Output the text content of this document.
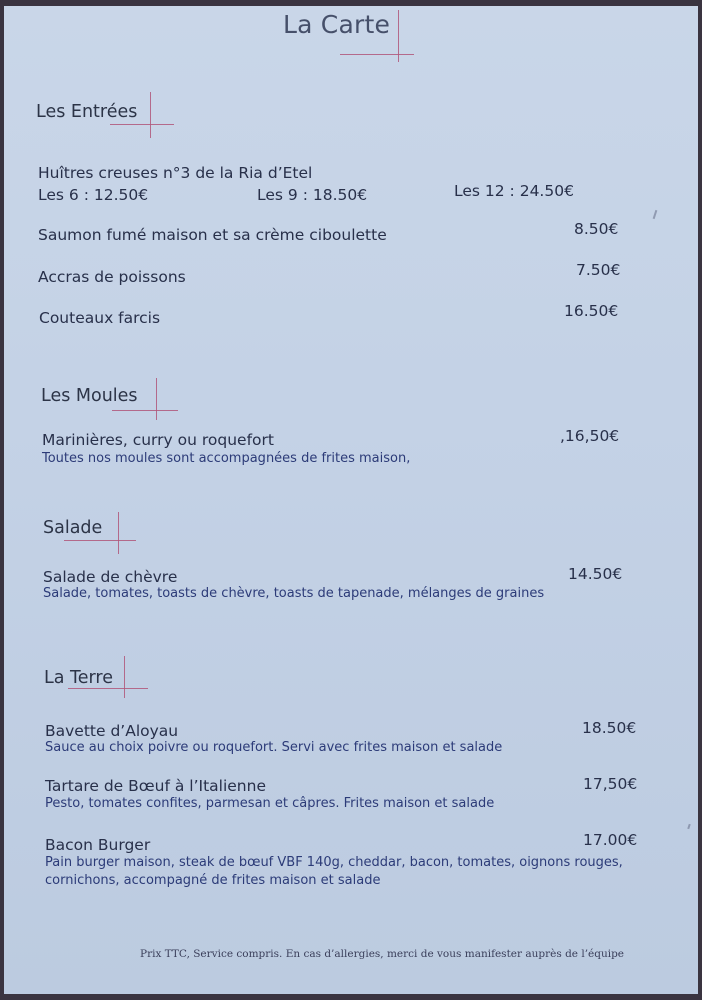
La Carte
Les Entrées
Huîtres creuses n°3 de la Ria d’Etel
Les 6 : 12.50€	Les 9 : 18.50€	Les 12 : 24.50€
Saumon fumé maison et sa crème ciboulette	8.50€
Accras de poissons	7.50€
Couteaux farcis	16.50€
Les Moules
Marinières, curry ou roquefort	,16,50€
Toutes nos moules sont accompagnées de frites maison,
Salade
Salade de chèvre	14.50€
Salade, tomates, toasts de chèvre, toasts de tapenade, mélanges de graines
La Terre
Bavette d’Aloyau	18.50€
Sauce au choix poivre ou roquefort. Servi avec frites maison et salade
Tartare de Bœuf à l’Italienne	17,50€
Pesto, tomates confites, parmesan et câpres. Frites maison et salade
Bacon Burger	17.00€
Pain burger maison, steak de bœuf VBF 140g, cheddar, bacon, tomates, oignons rouges,
cornichons, accompagné de frites maison et salade
Prix TTC, Service compris. En cas d’allergies, merci de vous manifester auprès de l’équipe
